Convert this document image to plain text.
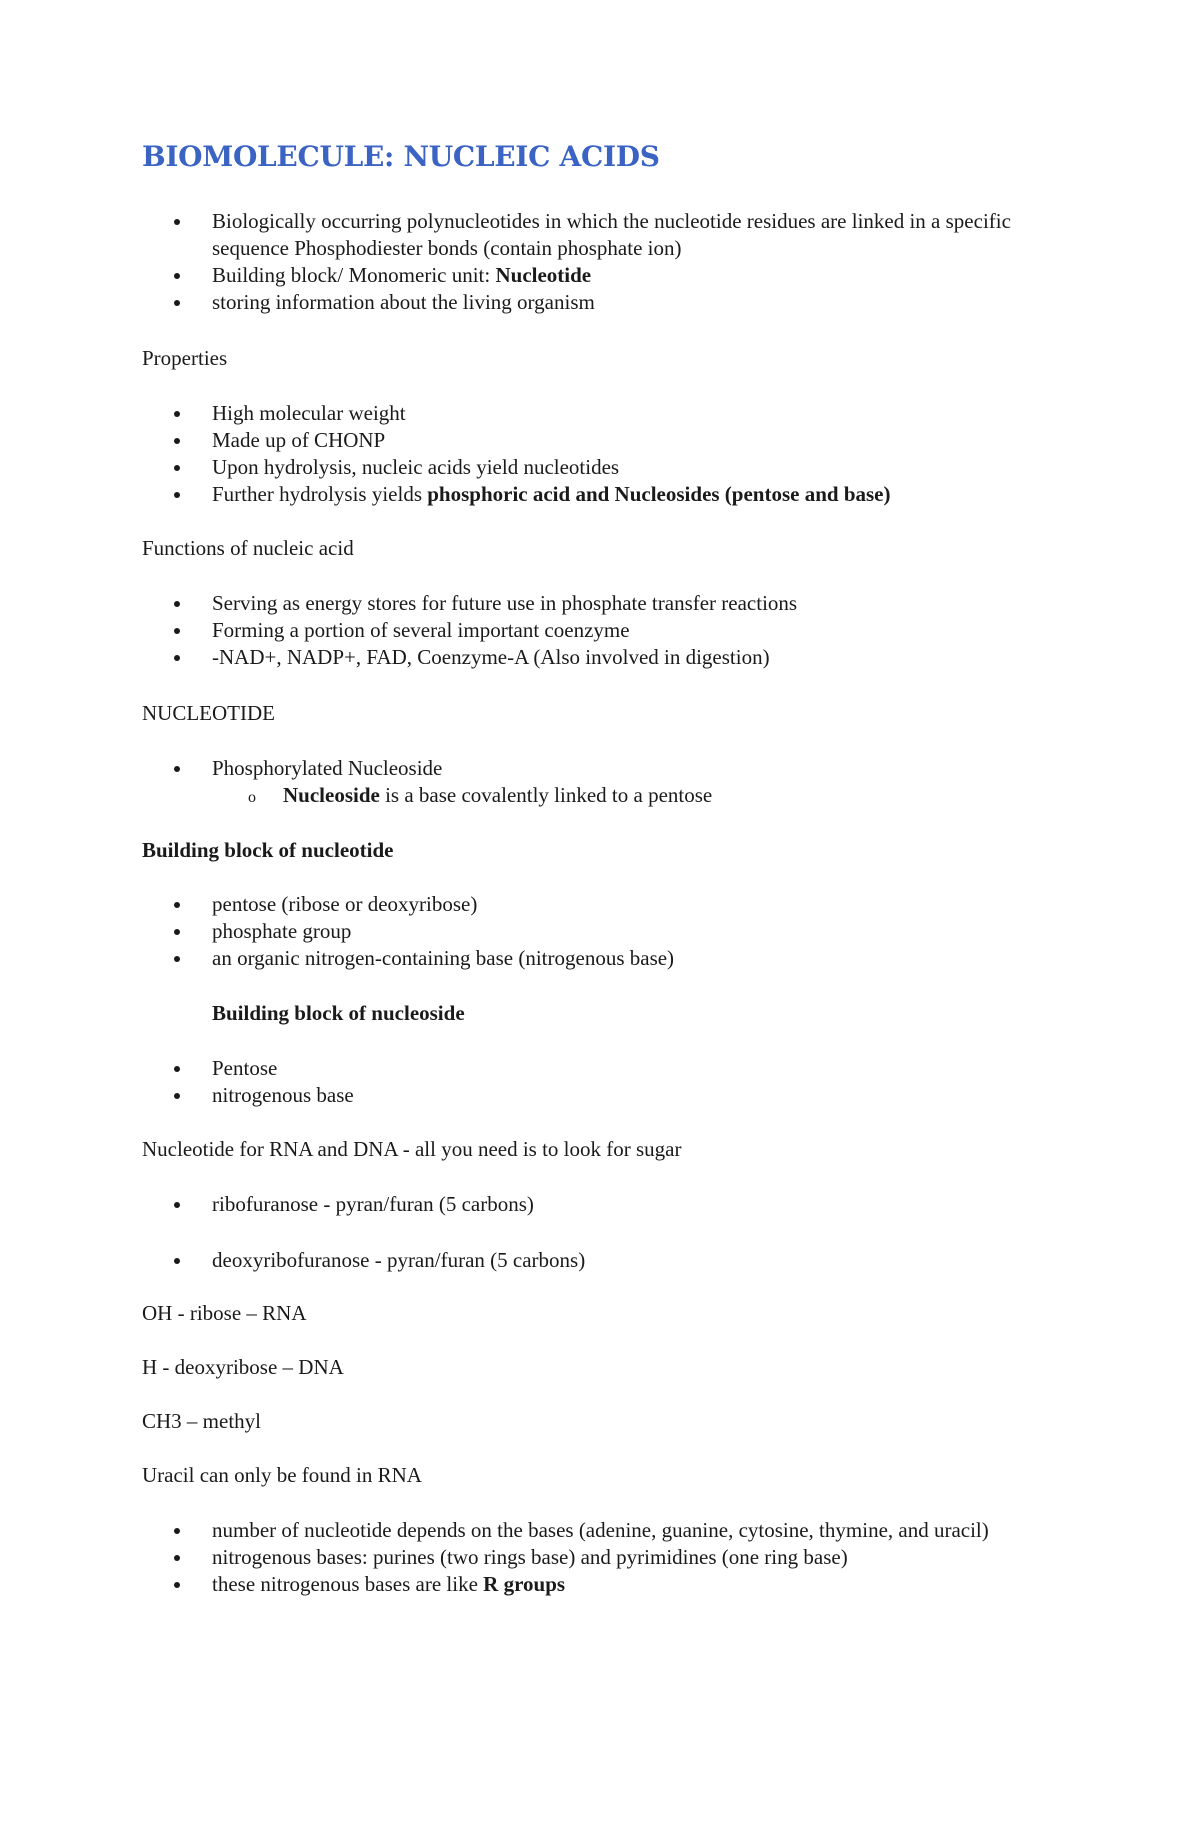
BIOMOLECULE: NUCLEIC ACIDS
Biologically occurring polynucleotides in which the nucleotide residues are linked in a specific sequence Phosphodiester bonds (contain phosphate ion)
Building block/ Monomeric unit: Nucleotide
storing information about the living organism

Properties

High molecular weight
Made up of CHONP
Upon hydrolysis, nucleic acids yield nucleotides
Further hydrolysis yields phosphoric acid and Nucleosides (pentose and base)

Functions of nucleic acid

Serving as energy stores for future use in phosphate transfer reactions
Forming a portion of several important coenzyme
-NAD+, NADP+, FAD, Coenzyme-A (Also involved in digestion)

NUCLEOTIDE

Phosphorylated Nucleoside
o Nucleoside is a base covalently linked to a pentose

Building block of nucleotide

pentose (ribose or deoxyribose)
phosphate group
an organic nitrogen-containing base (nitrogenous base)

Building block of nucleoside

Pentose
nitrogenous base

Nucleotide for RNA and DNA - all you need is to look for sugar

ribofuranose - pyran/furan (5 carbons)
deoxyribofuranose - pyran/furan (5 carbons)

OH - ribose – RNA

H - deoxyribose – DNA

CH3 – methyl

Uracil can only be found in RNA

number of nucleotide depends on the bases (adenine, guanine, cytosine, thymine, and uracil)
nitrogenous bases: purines (two rings base) and pyrimidines (one ring base)
these nitrogenous bases are like R groups
